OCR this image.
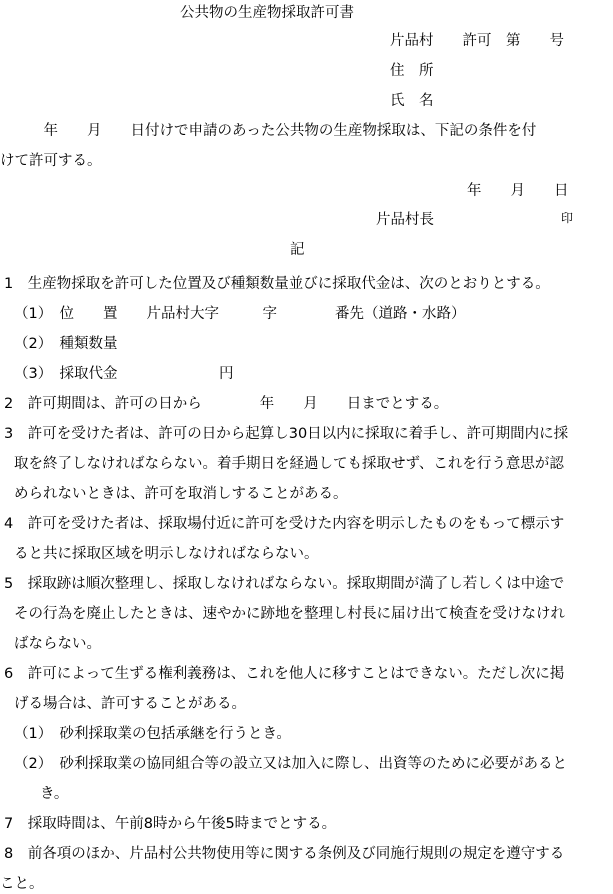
公共物の生産物採取許可書
片品村　　許可　第　　号
住　所
氏　名
　　　年　　月　　日付けで申請のあった公共物の生産物採取は、下記の条件を付
けて許可する。
年　　月　　日
片品村長	印
記
1　生産物採取を許可した位置及び種類数量並びに採取代金は、次のとおりとする。
（1）　位　　置　　片品村大字　　　字　　　　番先（道路・水路）
（2）　種類数量
（3）　採取代金　　　　　　　円
2　許可期間は、許可の日から　　　　年　　月　　日までとする。
3　許可を受けた者は、許可の日から起算し30日以内に採取に着手し、許可期間内に採
取を終了しなければならない。着手期日を経過しても採取せず、これを行う意思が認
められないときは、許可を取消しすることがある。
4　許可を受けた者は、採取場付近に許可を受けた内容を明示したものをもって標示す
ると共に採取区域を明示しなければならない。
5　採取跡は順次整理し、採取しなければならない。採取期間が満了し若しくは中途で
その行為を廃止したときは、速やかに跡地を整理し村長に届け出て検査を受けなけれ
ばならない。
6　許可によって生ずる権利義務は、これを他人に移すことはできない。ただし次に掲
げる場合は、許可することがある。
（1）　砂利採取業の包括承継を行うとき。
（2）　砂利採取業の協同組合等の設立又は加入に際し、出資等のために必要があると
き。
7　採取時間は、午前8時から午後5時までとする。
8　前各項のほか、片品村公共物使用等に関する条例及び同施行規則の規定を遵守する
こと。
